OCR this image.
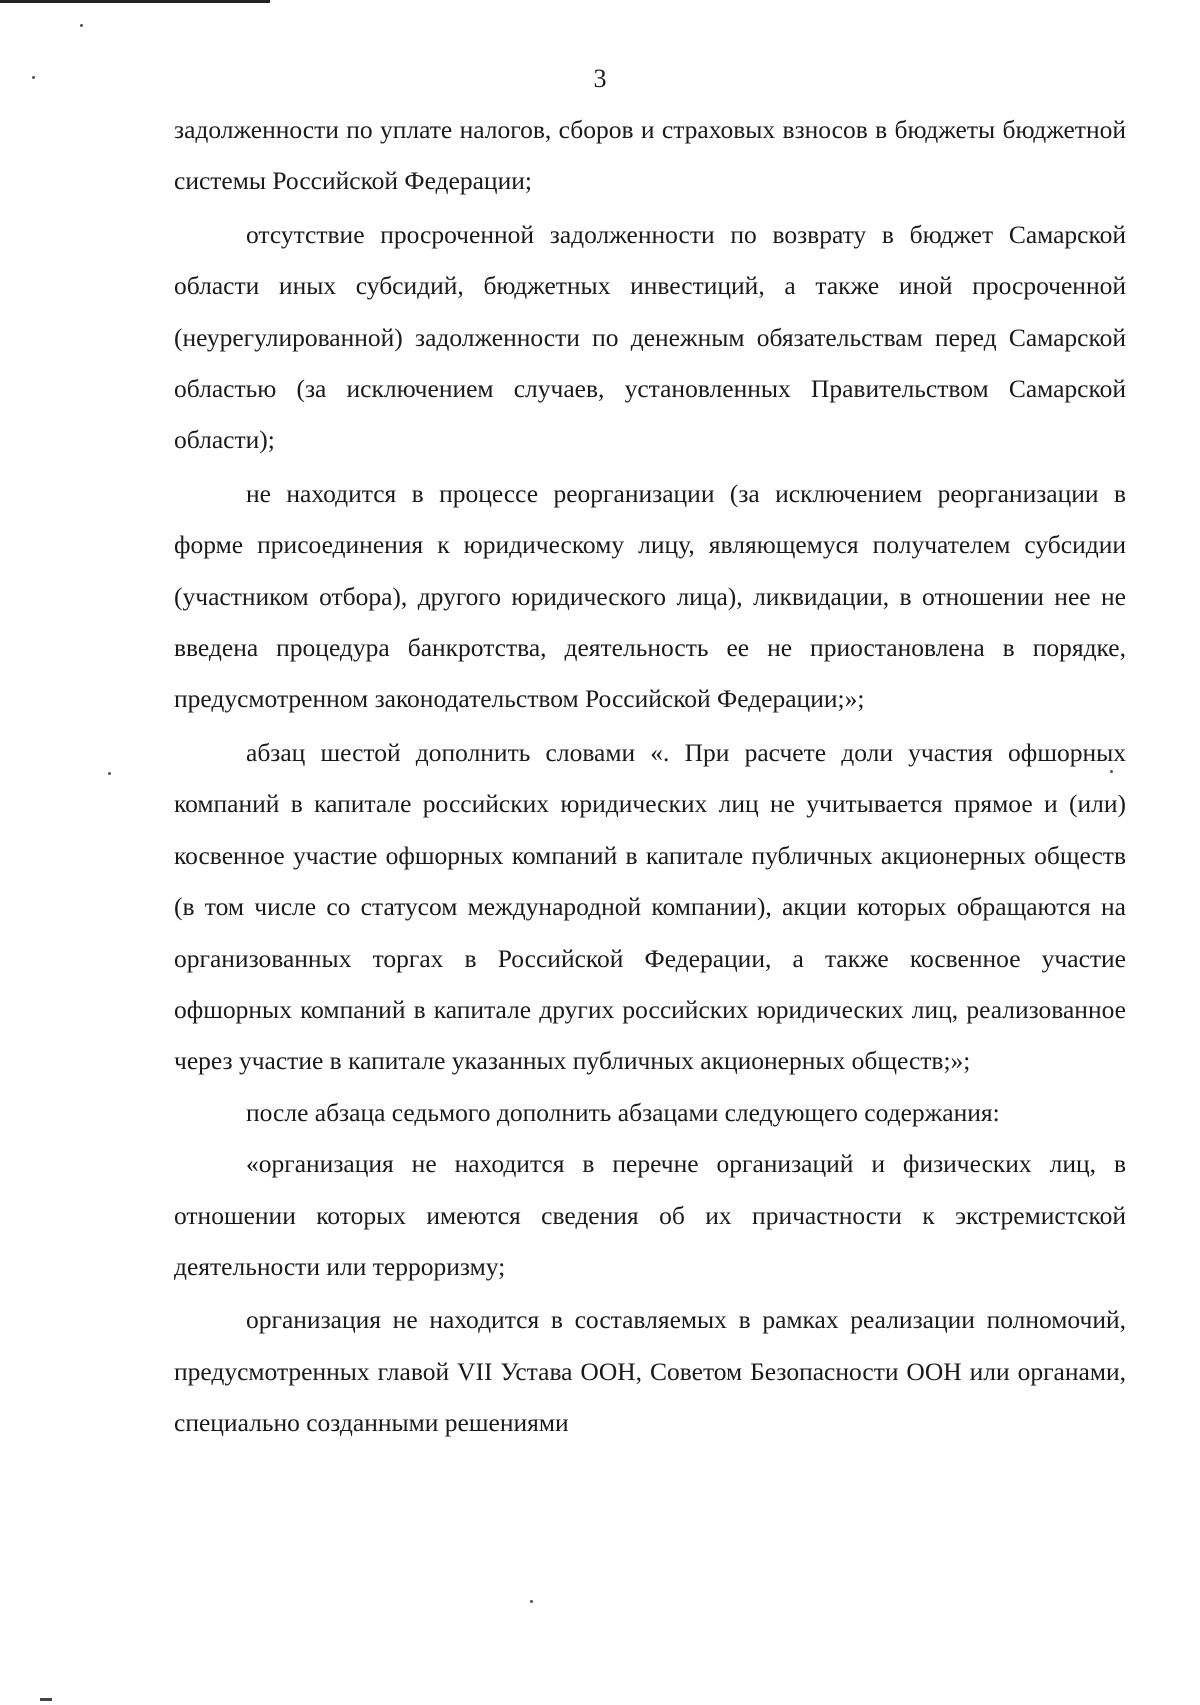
3

задолженности по уплате налогов, сборов и страховых взносов в бюджеты бюджетной системы Российской Федерации;

отсутствие просроченной задолженности по возврату в бюджет Самарской области иных субсидий, бюджетных инвестиций, а также иной просроченной (неурегулированной) задолженности по денежным обязательствам перед Самарской областью (за исключением случаев, установленных Правительством Самарской области);

не находится в процессе реорганизации (за исключением реорганизации в форме присоединения к юридическому лицу, являющемуся получателем субсидии (участником отбора), другого юридического лица), ликвидации, в отношении нее не введена процедура банкротства, деятельность ее не приостановлена в порядке, предусмотренном законодательством Российской Федерации;»;

абзац шестой дополнить словами «. При расчете доли участия офшорных компаний в капитале российских юридических лиц не учитывается прямое и (или) косвенное участие офшорных компаний в капитале публичных акционерных обществ (в том числе со статусом международной компании), акции которых обращаются на организованных торгах в Российской Федерации, а также косвенное участие офшорных компаний в капитале других российских юридических лиц, реализованное через участие в капитале указанных публичных акционерных обществ;»;

после абзаца седьмого дополнить абзацами следующего содержания:

«организация не находится в перечне организаций и физических лиц, в отношении которых имеются сведения об их причастности к экстремистской деятельности или терроризму;

организация не находится в составляемых в рамках реализации полномочий, предусмотренных главой VII Устава ООН, Советом Безопасности ООН или органами, специально созданными решениями
